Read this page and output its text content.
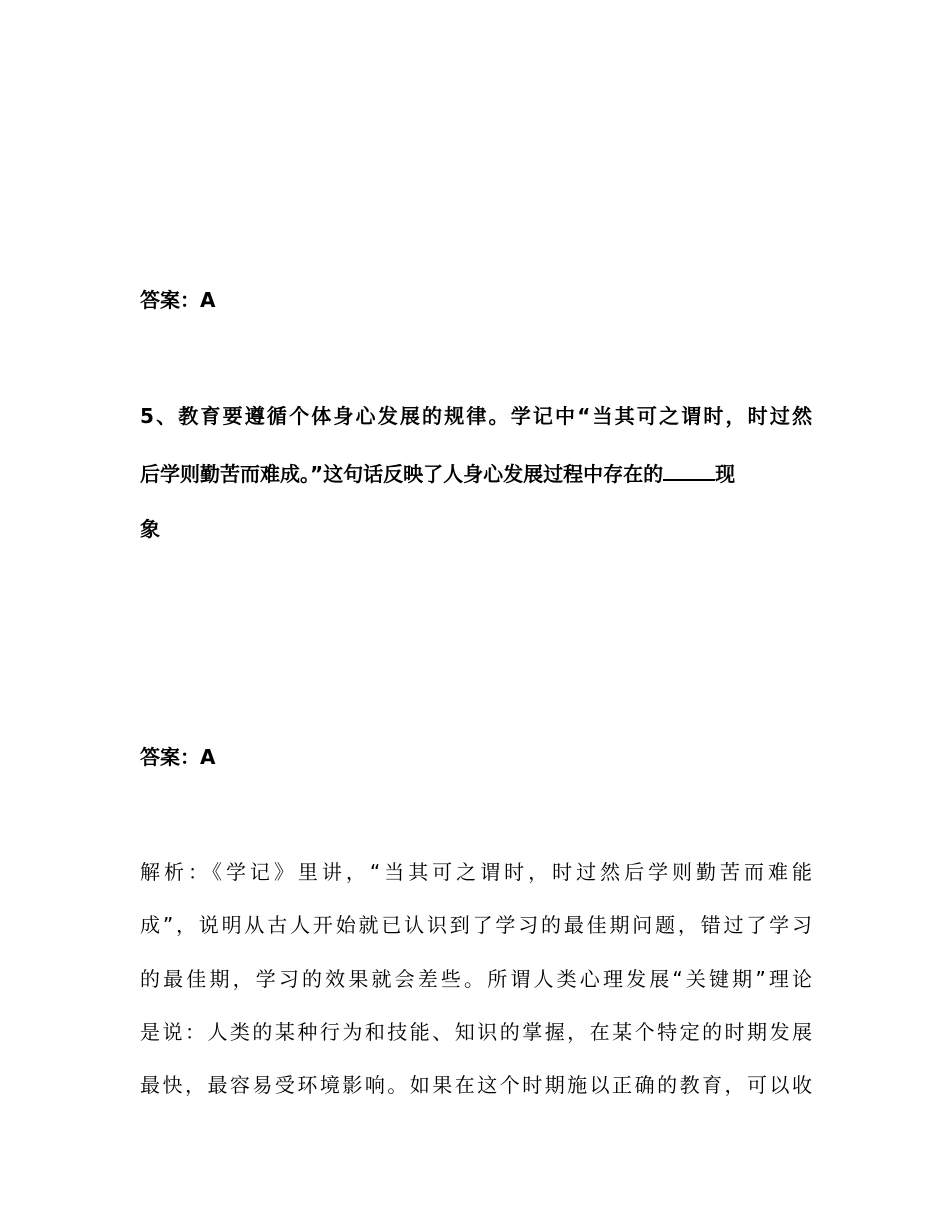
答案：A
5、教育要遵循个体身心发展的规律。学记中“当其可之谓时，时过然
后学则勤苦而难成。”这句话反映了人身心发展过程中存在的	现
象
答案：A
解析：《学记》里讲，“当其可之谓时，时过然后学则勤苦而难能
成”，说明从古人开始就已认识到了学习的最佳期问题，错过了学习
的最佳期，学习的效果就会差些。所谓人类心理发展“关键期”理论
是说：人类的某种行为和技能、知识的掌握，在某个特定的时期发展
最快，最容易受环境影响。如果在这个时期施以正确的教育，可以收
